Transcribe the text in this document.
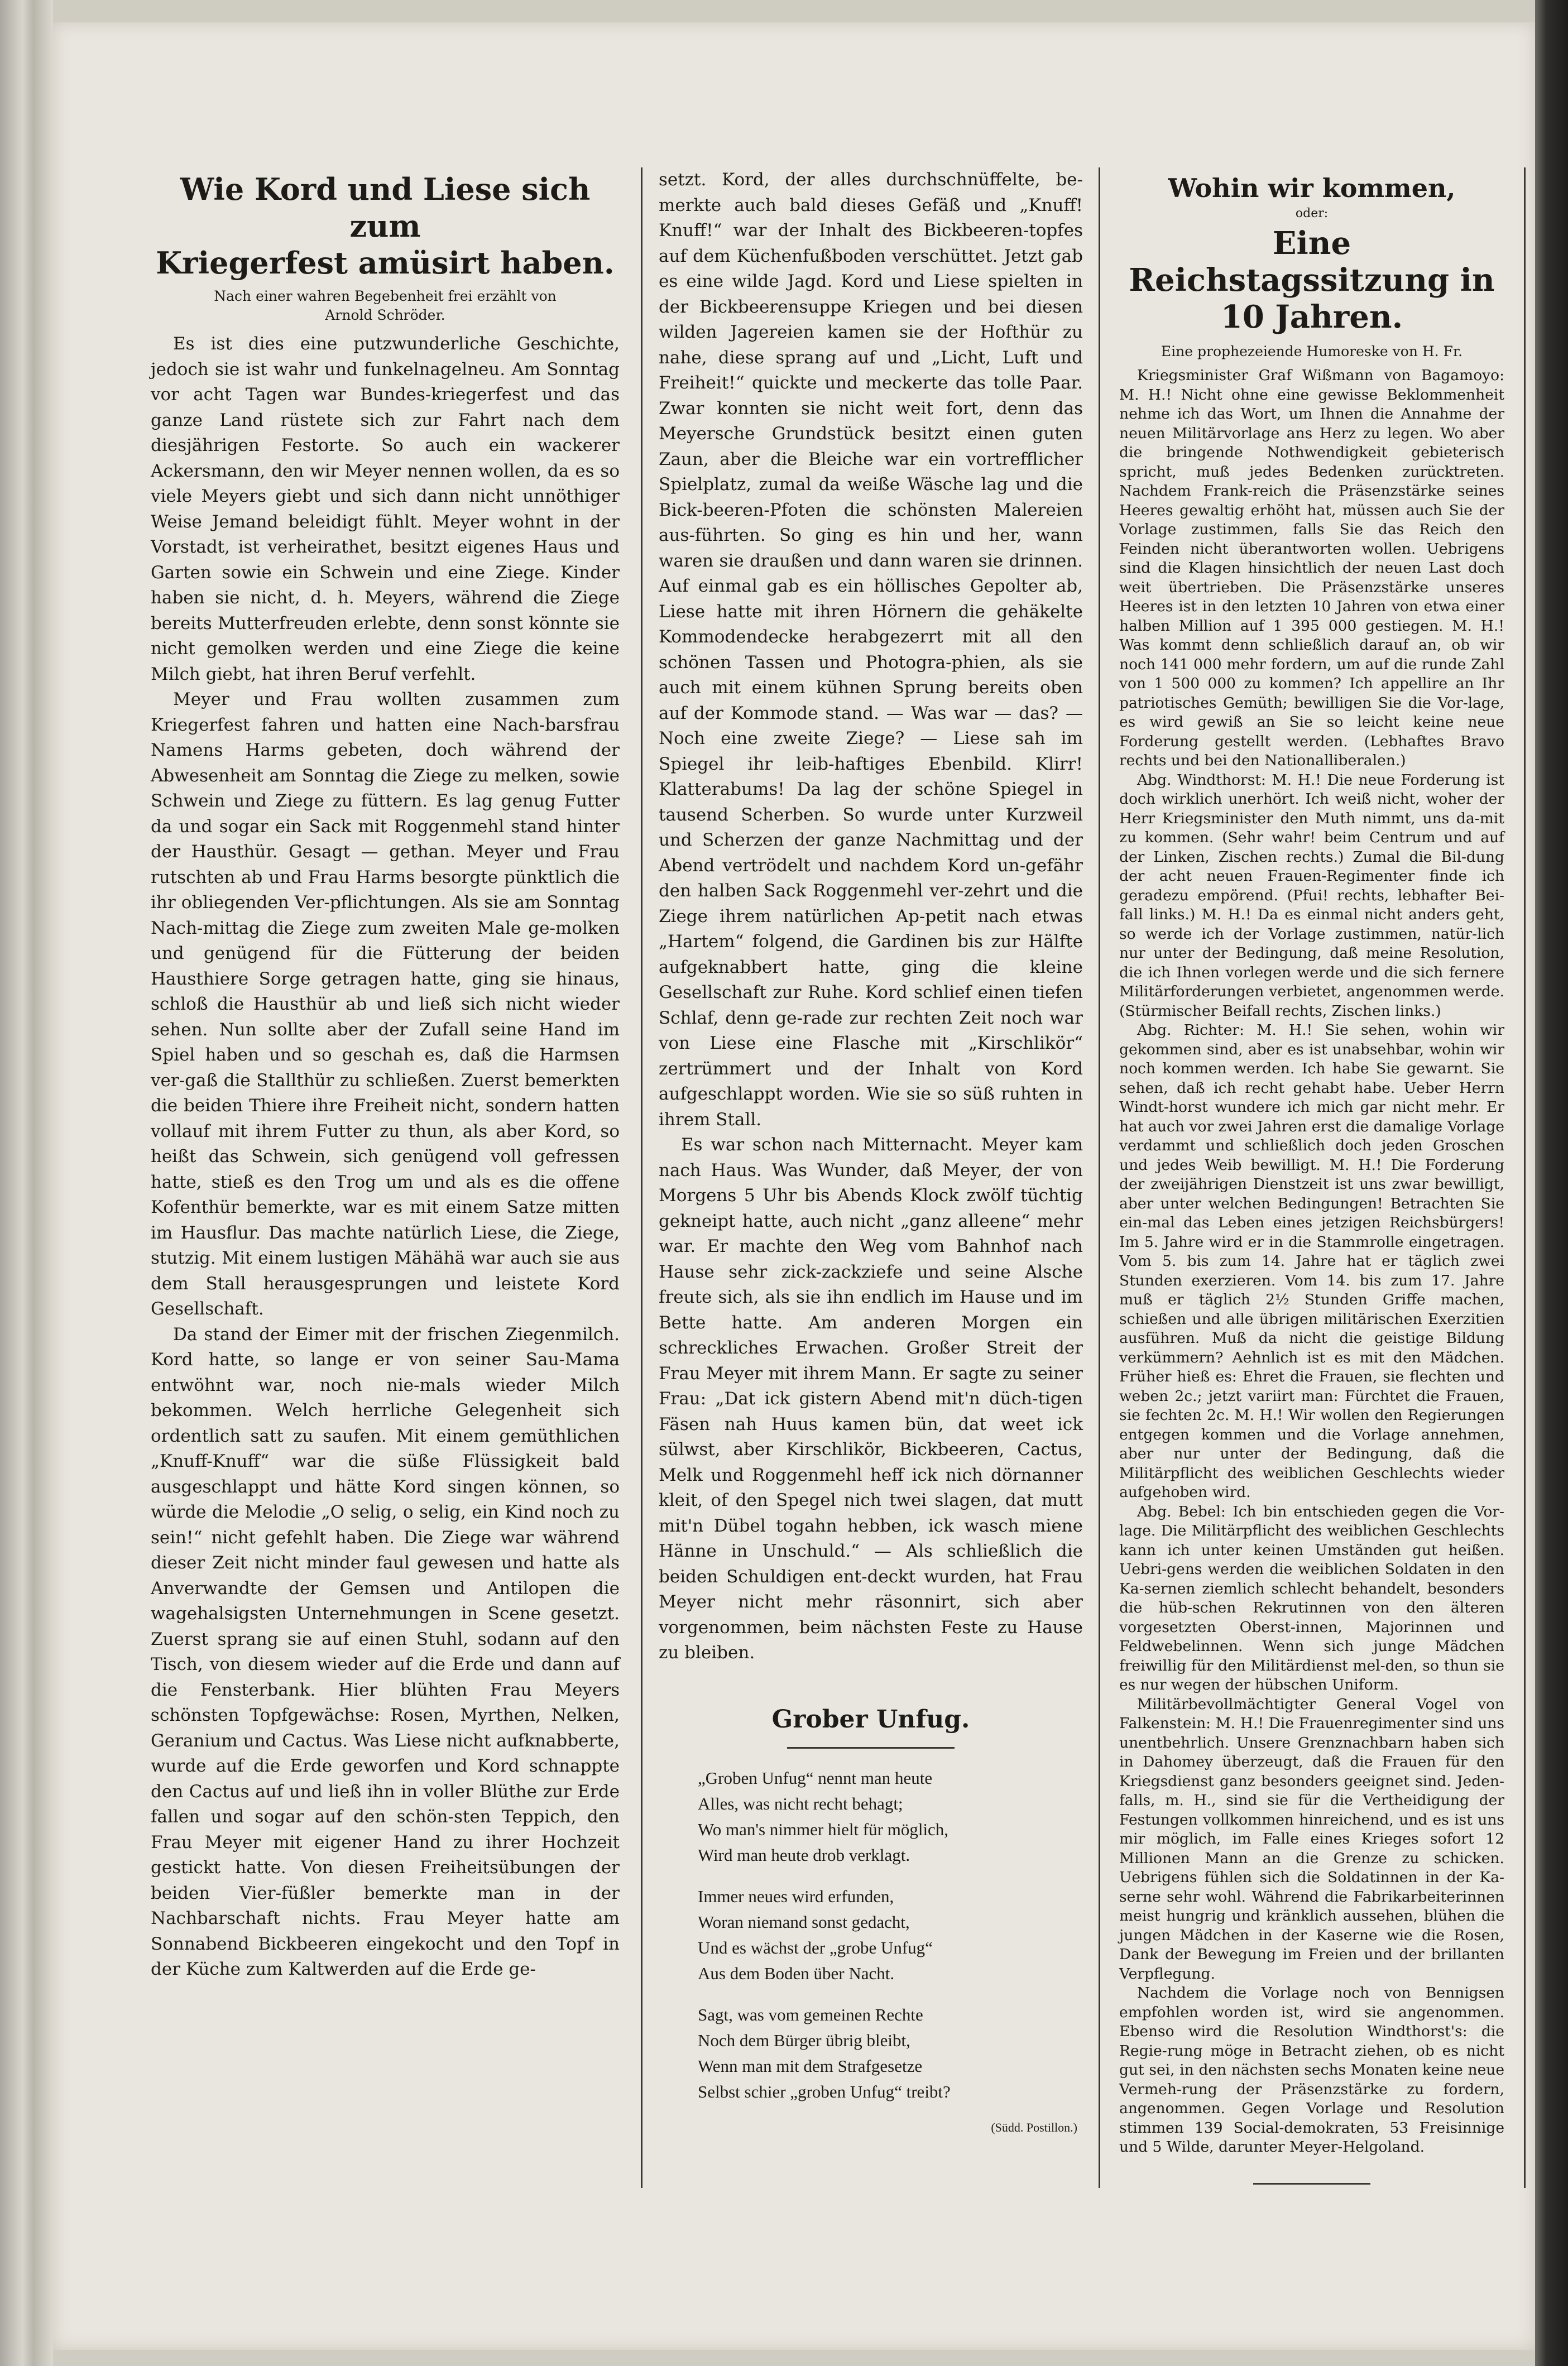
Wie Kord und Liese sich zum
Kriegerfest amüsirt haben.
Nach einer wahren Begebenheit frei erzählt von
Arnold Schröder.

Es ist dies eine putzwunderliche Geschichte, jedoch sie ist wahr und funkelnagelneu. Am Sonntag vor acht Tagen war Bundes-kriegerfest und das ganze Land rüstete sich zur Fahrt nach dem diesjährigen Festorte. So auch ein wackerer Ackersmann, den wir Meyer nennen wollen, da es so viele Meyers giebt und sich dann nicht unnöthiger Weise Jemand beleidigt fühlt. Meyer wohnt in der Vorstadt, ist verheirathet, besitzt eigenes Haus und Garten sowie ein Schwein und eine Ziege. Kinder haben sie nicht, d. h. Meyers, während die Ziege bereits Mutterfreuden erlebte, denn sonst könnte sie nicht gemolken werden und eine Ziege die keine Milch giebt, hat ihren Beruf verfehlt.

Meyer und Frau wollten zusammen zum Kriegerfest fahren und hatten eine Nach-barsfrau Namens Harms gebeten, doch während der Abwesenheit am Sonntag die Ziege zu melken, sowie Schwein und Ziege zu füttern. Es lag genug Futter da und sogar ein Sack mit Roggenmehl stand hinter der Hausthür. Gesagt — gethan. Meyer und Frau rutschten ab und Frau Harms besorgte pünktlich die ihr obliegenden Ver-pflichtungen. Als sie am Sonntag Nach-mittag die Ziege zum zweiten Male ge-molken und genügend für die Fütterung der beiden Hausthiere Sorge getragen hatte, ging sie hinaus, schloß die Hausthür ab und ließ sich nicht wieder sehen. Nun sollte aber der Zufall seine Hand im Spiel haben und so geschah es, daß die Harmsen ver-gaß die Stallthür zu schließen. Zuerst bemerkten die beiden Thiere ihre Freiheit nicht, sondern hatten vollauf mit ihrem Futter zu thun, als aber Kord, so heißt das Schwein, sich genügend voll gefressen hatte, stieß es den Trog um und als es die offene Kofenthür bemerkte, war es mit einem Satze mitten im Hausflur. Das machte natürlich Liese, die Ziege, stutzig. Mit einem lustigen Mähähä war auch sie aus dem Stall herausgesprungen und leistete Kord Gesellschaft.

Da stand der Eimer mit der frischen Ziegenmilch. Kord hatte, so lange er von seiner Sau-Mama entwöhnt war, noch nie-mals wieder Milch bekommen. Welch herrliche Gelegenheit sich ordentlich satt zu saufen. Mit einem gemüthlichen „Knuff-Knuff“ war die süße Flüssigkeit bald ausgeschlappt und hätte Kord singen können, so würde die Melodie „O selig, o selig, ein Kind noch zu sein!“ nicht gefehlt haben. Die Ziege war während dieser Zeit nicht minder faul gewesen und hatte als Anverwandte der Gemsen und Antilopen die wagehalsigsten Unternehmungen in Scene gesetzt. Zuerst sprang sie auf einen Stuhl, sodann auf den Tisch, von diesem wieder auf die Erde und dann auf die Fensterbank. Hier blühten Frau Meyers schönsten Topfgewächse: Rosen, Myrthen, Nelken, Geranium und Cactus. Was Liese nicht aufknabberte, wurde auf die Erde geworfen und Kord schnappte den Cactus auf und ließ ihn in voller Blüthe zur Erde fallen und sogar auf den schön-sten Teppich, den Frau Meyer mit eigener Hand zu ihrer Hochzeit gestickt hatte. Von diesen Freiheitsübungen der beiden Vier-füßler bemerkte man in der Nachbarschaft nichts. Frau Meyer hatte am Sonnabend Bickbeeren eingekocht und den Topf in der Küche zum Kaltwerden auf die Erde ge-

setzt. Kord, der alles durchschnüffelte, be-merkte auch bald dieses Gefäß und „Knuff! Knuff!“ war der Inhalt des Bickbeeren-topfes auf dem Küchenfußboden verschüttet. Jetzt gab es eine wilde Jagd. Kord und Liese spielten in der Bickbeerensuppe Kriegen und bei diesen wilden Jagereien kamen sie der Hofthür zu nahe, diese sprang auf und „Licht, Luft und Freiheit!“ quickte und meckerte das tolle Paar. Zwar konnten sie nicht weit fort, denn das Meyersche Grundstück besitzt einen guten Zaun, aber die Bleiche war ein vortrefflicher Spielplatz, zumal da weiße Wäsche lag und die Bick-beeren-Pfoten die schönsten Malereien aus-führten. So ging es hin und her, wann waren sie draußen und dann waren sie drinnen. Auf einmal gab es ein höllisches Gepolter ab, Liese hatte mit ihren Hörnern die gehäkelte Kommodendecke herabgezerrt mit all den schönen Tassen und Photogra-phien, als sie auch mit einem kühnen Sprung bereits oben auf der Kommode stand. — Was war — das? — Noch eine zweite Ziege? — Liese sah im Spiegel ihr leib-haftiges Ebenbild. Klirr! Klatterabums! Da lag der schöne Spiegel in tausend Scherben. So wurde unter Kurzweil und Scherzen der ganze Nachmittag und der Abend vertrödelt und nachdem Kord un-gefähr den halben Sack Roggenmehl ver-zehrt und die Ziege ihrem natürlichen Ap-petit nach etwas „Hartem“ folgend, die Gardinen bis zur Hälfte aufgeknabbert hatte, ging die kleine Gesellschaft zur Ruhe. Kord schlief einen tiefen Schlaf, denn ge-rade zur rechten Zeit noch war von Liese eine Flasche mit „Kirschlikör“ zertrümmert und der Inhalt von Kord aufgeschlappt worden. Wie sie so süß ruhten in ihrem Stall.

Es war schon nach Mitternacht. Meyer kam nach Haus. Was Wunder, daß Meyer, der von Morgens 5 Uhr bis Abends Klock zwölf tüchtig gekneipt hatte, auch nicht „ganz alleene“ mehr war. Er machte den Weg vom Bahnhof nach Hause sehr zick-zackziefe und seine Alsche freute sich, als sie ihn endlich im Hause und im Bette hatte. Am anderen Morgen ein schreckliches Erwachen. Großer Streit der Frau Meyer mit ihrem Mann. Er sagte zu seiner Frau: „Dat ick gistern Abend mit'n düch-tigen Fäsen nah Huus kamen bün, dat weet ick sülwst, aber Kirschlikör, Bickbeeren, Cactus, Melk und Roggenmehl heff ick nich dörnanner kleit, of den Spegel nich twei slagen, dat mutt mit'n Dübel togahn hebben, ick wasch miene Hänne in Unschuld.“ — Als schließlich die beiden Schuldigen ent-deckt wurden, hat Frau Meyer nicht mehr räsonnirt, sich aber vorgenommen, beim nächsten Feste zu Hause zu bleiben.

Grober Unfug.
„Groben Unfug“ nennt man heute
Alles, was nicht recht behagt;
Wo man's nimmer hielt für möglich,
Wird man heute drob verklagt.
Immer neues wird erfunden,
Woran niemand sonst gedacht,
Und es wächst der „grobe Unfug“
Aus dem Boden über Nacht.
Sagt, was vom gemeinen Rechte
Noch dem Bürger übrig bleibt,
Wenn man mit dem Strafgesetze
Selbst schier „groben Unfug“ treibt?
(Südd. Postillon.)
Wohin wir kommen,
oder:
Eine Reichstagssitzung in 10 Jahren.
Eine prophezeiende Humoreske von H. Fr.

Kriegsminister Graf Wißmann von Bagamoyo: M. H.! Nicht ohne eine gewisse Beklommenheit nehme ich das Wort, um Ihnen die Annahme der neuen Militärvorlage ans Herz zu legen. Wo aber die bringende Nothwendigkeit gebieterisch spricht, muß jedes Bedenken zurücktreten. Nachdem Frank-reich die Präsenzstärke seines Heeres gewaltig erhöht hat, müssen auch Sie der Vorlage zustimmen, falls Sie das Reich den Feinden nicht überantworten wollen. Uebrigens sind die Klagen hinsichtlich der neuen Last doch weit übertrieben. Die Präsenzstärke unseres Heeres ist in den letzten 10 Jahren von etwa einer halben Million auf 1 395 000 gestiegen. M. H.! Was kommt denn schließlich darauf an, ob wir noch 141 000 mehr fordern, um auf die runde Zahl von 1 500 000 zu kommen? Ich appellire an Ihr patriotisches Gemüth; bewilligen Sie die Vor-lage, es wird gewiß an Sie so leicht keine neue Forderung gestellt werden. (Lebhaftes Bravo rechts und bei den Nationalliberalen.)

Abg. Windthorst: M. H.! Die neue Forderung ist doch wirklich unerhört. Ich weiß nicht, woher der Herr Kriegsminister den Muth nimmt, uns da-mit zu kommen. (Sehr wahr! beim Centrum und auf der Linken, Zischen rechts.) Zumal die Bil-dung der acht neuen Frauen-Regimenter finde ich geradezu empörend. (Pfui! rechts, lebhafter Bei-fall links.) M. H.! Da es einmal nicht anders geht, so werde ich der Vorlage zustimmen, natür-lich nur unter der Bedingung, daß meine Resolution, die ich Ihnen vorlegen werde und die sich fernere Militärforderungen verbietet, angenommen werde. (Stürmischer Beifall rechts, Zischen links.)

Abg. Richter: M. H.! Sie sehen, wohin wir gekommen sind, aber es ist unabsehbar, wohin wir noch kommen werden. Ich habe Sie gewarnt. Sie sehen, daß ich recht gehabt habe. Ueber Herrn Windt-horst wundere ich mich gar nicht mehr. Er hat auch vor zwei Jahren erst die damalige Vorlage verdammt und schließlich doch jeden Groschen und jedes Weib bewilligt. M. H.! Die Forderung der zweijährigen Dienstzeit ist uns zwar bewilligt, aber unter welchen Bedingungen! Betrachten Sie ein-mal das Leben eines jetzigen Reichsbürgers! Im 5. Jahre wird er in die Stammrolle eingetragen. Vom 5. bis zum 14. Jahre hat er täglich zwei Stunden exerzieren. Vom 14. bis zum 17. Jahre muß er täglich 2½ Stunden Griffe machen, schießen und alle übrigen militärischen Exerzitien ausführen. Muß da nicht die geistige Bildung verkümmern? Aehnlich ist es mit den Mädchen. Früher hieß es: Ehret die Frauen, sie flechten und weben 2c.; jetzt variirt man: Fürchtet die Frauen, sie fechten 2c. M. H.! Wir wollen den Regierungen entgegen kommen und die Vorlage annehmen, aber nur unter der Bedingung, daß die Militärpflicht des weiblichen Geschlechts wieder aufgehoben wird.

Abg. Bebel: Ich bin entschieden gegen die Vor-lage. Die Militärpflicht des weiblichen Geschlechts kann ich unter keinen Umständen gut heißen. Uebri-gens werden die weiblichen Soldaten in den Ka-sernen ziemlich schlecht behandelt, besonders die hüb-schen Rekrutinnen von den älteren vorgesetzten Oberst-innen, Majorinnen und Feldwebelinnen. Wenn sich junge Mädchen freiwillig für den Militärdienst mel-den, so thun sie es nur wegen der hübschen Uniform.

Militärbevollmächtigter General Vogel von Falkenstein: M. H.! Die Frauenregimenter sind uns unentbehrlich. Unsere Grenznachbarn haben sich in Dahomey überzeugt, daß die Frauen für den Kriegsdienst ganz besonders geeignet sind. Jeden-falls, m. H., sind sie für die Vertheidigung der Festungen vollkommen hinreichend, und es ist uns mir möglich, im Falle eines Krieges sofort 12 Millionen Mann an die Grenze zu schicken. Uebrigens fühlen sich die Soldatinnen in der Ka-serne sehr wohl. Während die Fabrikarbeiterinnen meist hungrig und kränklich aussehen, blühen die jungen Mädchen in der Kaserne wie die Rosen, Dank der Bewegung im Freien und der brillanten Verpflegung.

Nachdem die Vorlage noch von Bennigsen empfohlen worden ist, wird sie angenommen. Ebenso wird die Resolution Windthorst's: die Regie-rung möge in Betracht ziehen, ob es nicht gut sei, in den nächsten sechs Monaten keine neue Vermeh-rung der Präsenzstärke zu fordern, angenommen. Gegen Vorlage und Resolution stimmen 139 Social-demokraten, 53 Freisinnige und 5 Wilde, darunter Meyer-Helgoland.
